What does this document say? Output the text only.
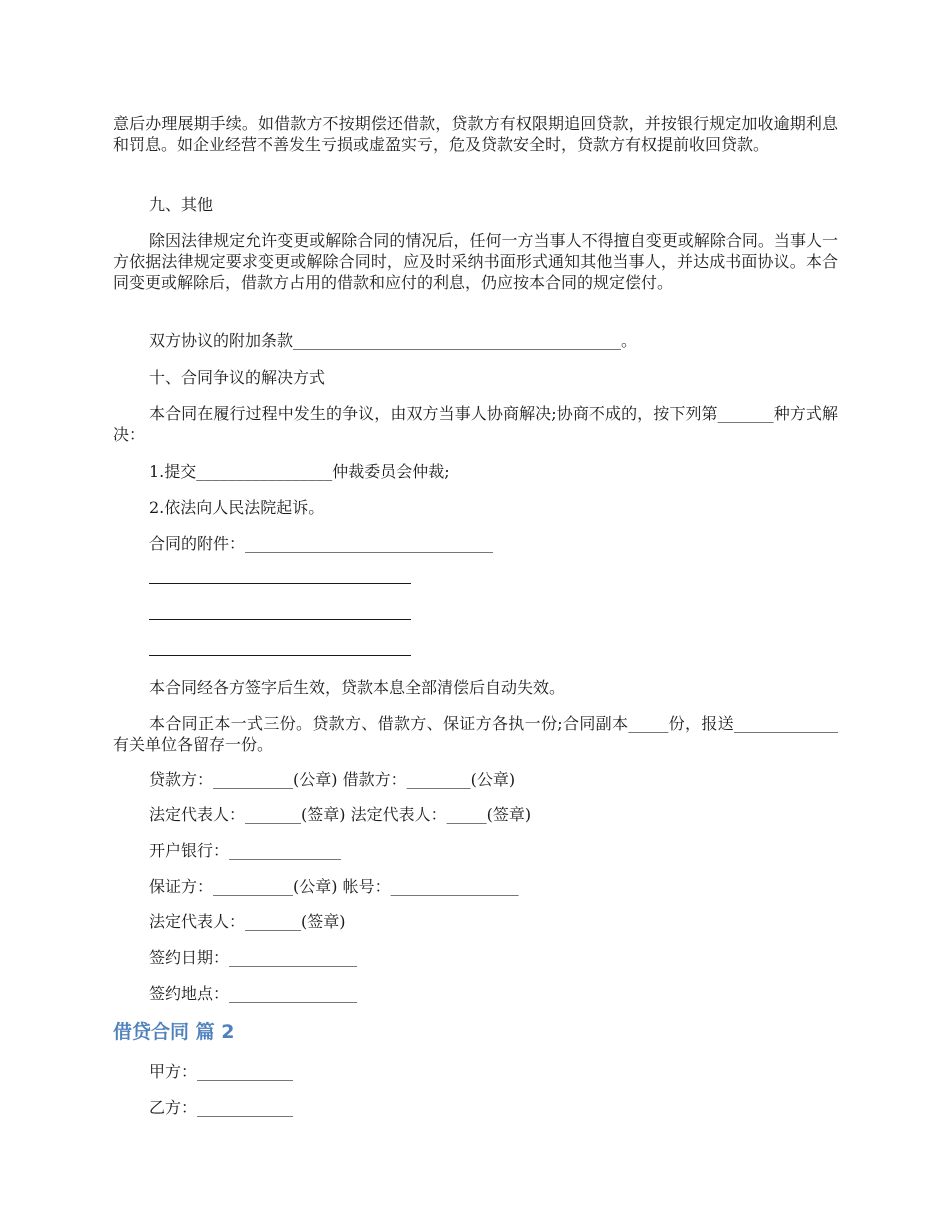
意后办理展期手续。如借款方不按期偿还借款，贷款方有权限期追回贷款，并按银行规定加收逾期利息和罚息。如企业经营不善发生亏损或虚盈实亏，危及贷款安全时，贷款方有权提前收回贷款。

九、其他

除因法律规定允许变更或解除合同的情况后，任何一方当事人不得擅自变更或解除合同。当事人一方依据法律规定要求变更或解除合同时，应及时采纳书面形式通知其他当事人，并达成书面协议。本合同变更或解除后，借款方占用的借款和应付的利息，仍应按本合同的规定偿付。

双方协议的附加条款_________________________________________。

十、合同争议的解决方式

本合同在履行过程中发生的争议，由双方当事人协商解决;协商不成的，按下列第_______种方式解决：

1.提交_________________仲裁委员会仲裁;

2.依法向人民法院起诉。

合同的附件：_______________________________

本合同经各方签字后生效，贷款本息全部清偿后自动失效。

本合同正本一式三份。贷款方、借款方、保证方各执一份;合同副本_____份，报送_____________有关单位各留存一份。

贷款方：__________(公章) 借款方：________(公章)

法定代表人：_______(签章) 法定代表人：_____(签章)

开户银行：______________

保证方：__________(公章) 帐号：________________

法定代表人：_______(签章)

签约日期：________________

签约地点：________________

借贷合同 篇 2

甲方：____________

乙方：____________
